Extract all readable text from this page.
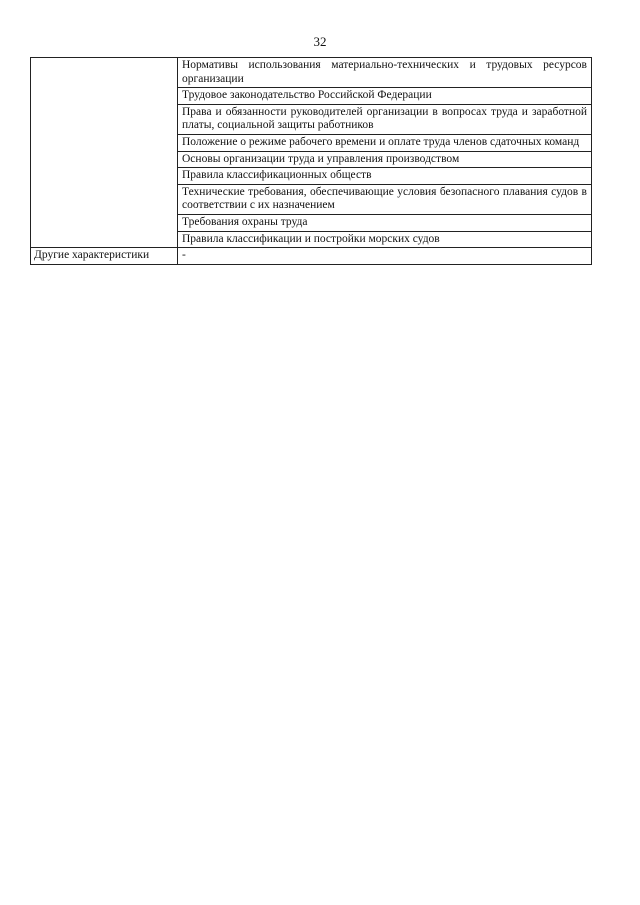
32
	Нормативы использования материально-технических и трудовых ресурсов организации
	Трудовое законодательство Российской Федерации
	Права и обязанности руководителей организации в вопросах труда и заработной платы, социальной защиты работников
	Положение о режиме рабочего времени и оплате труда членов сдаточных команд
	Основы организации труда и управления производством
	Правила классификационных обществ
	Технические требования, обеспечивающие условия безопасного плавания судов в соответствии с их назначением
	Требования охраны труда
	Правила классификации и постройки морских судов
Другие характеристики	-
